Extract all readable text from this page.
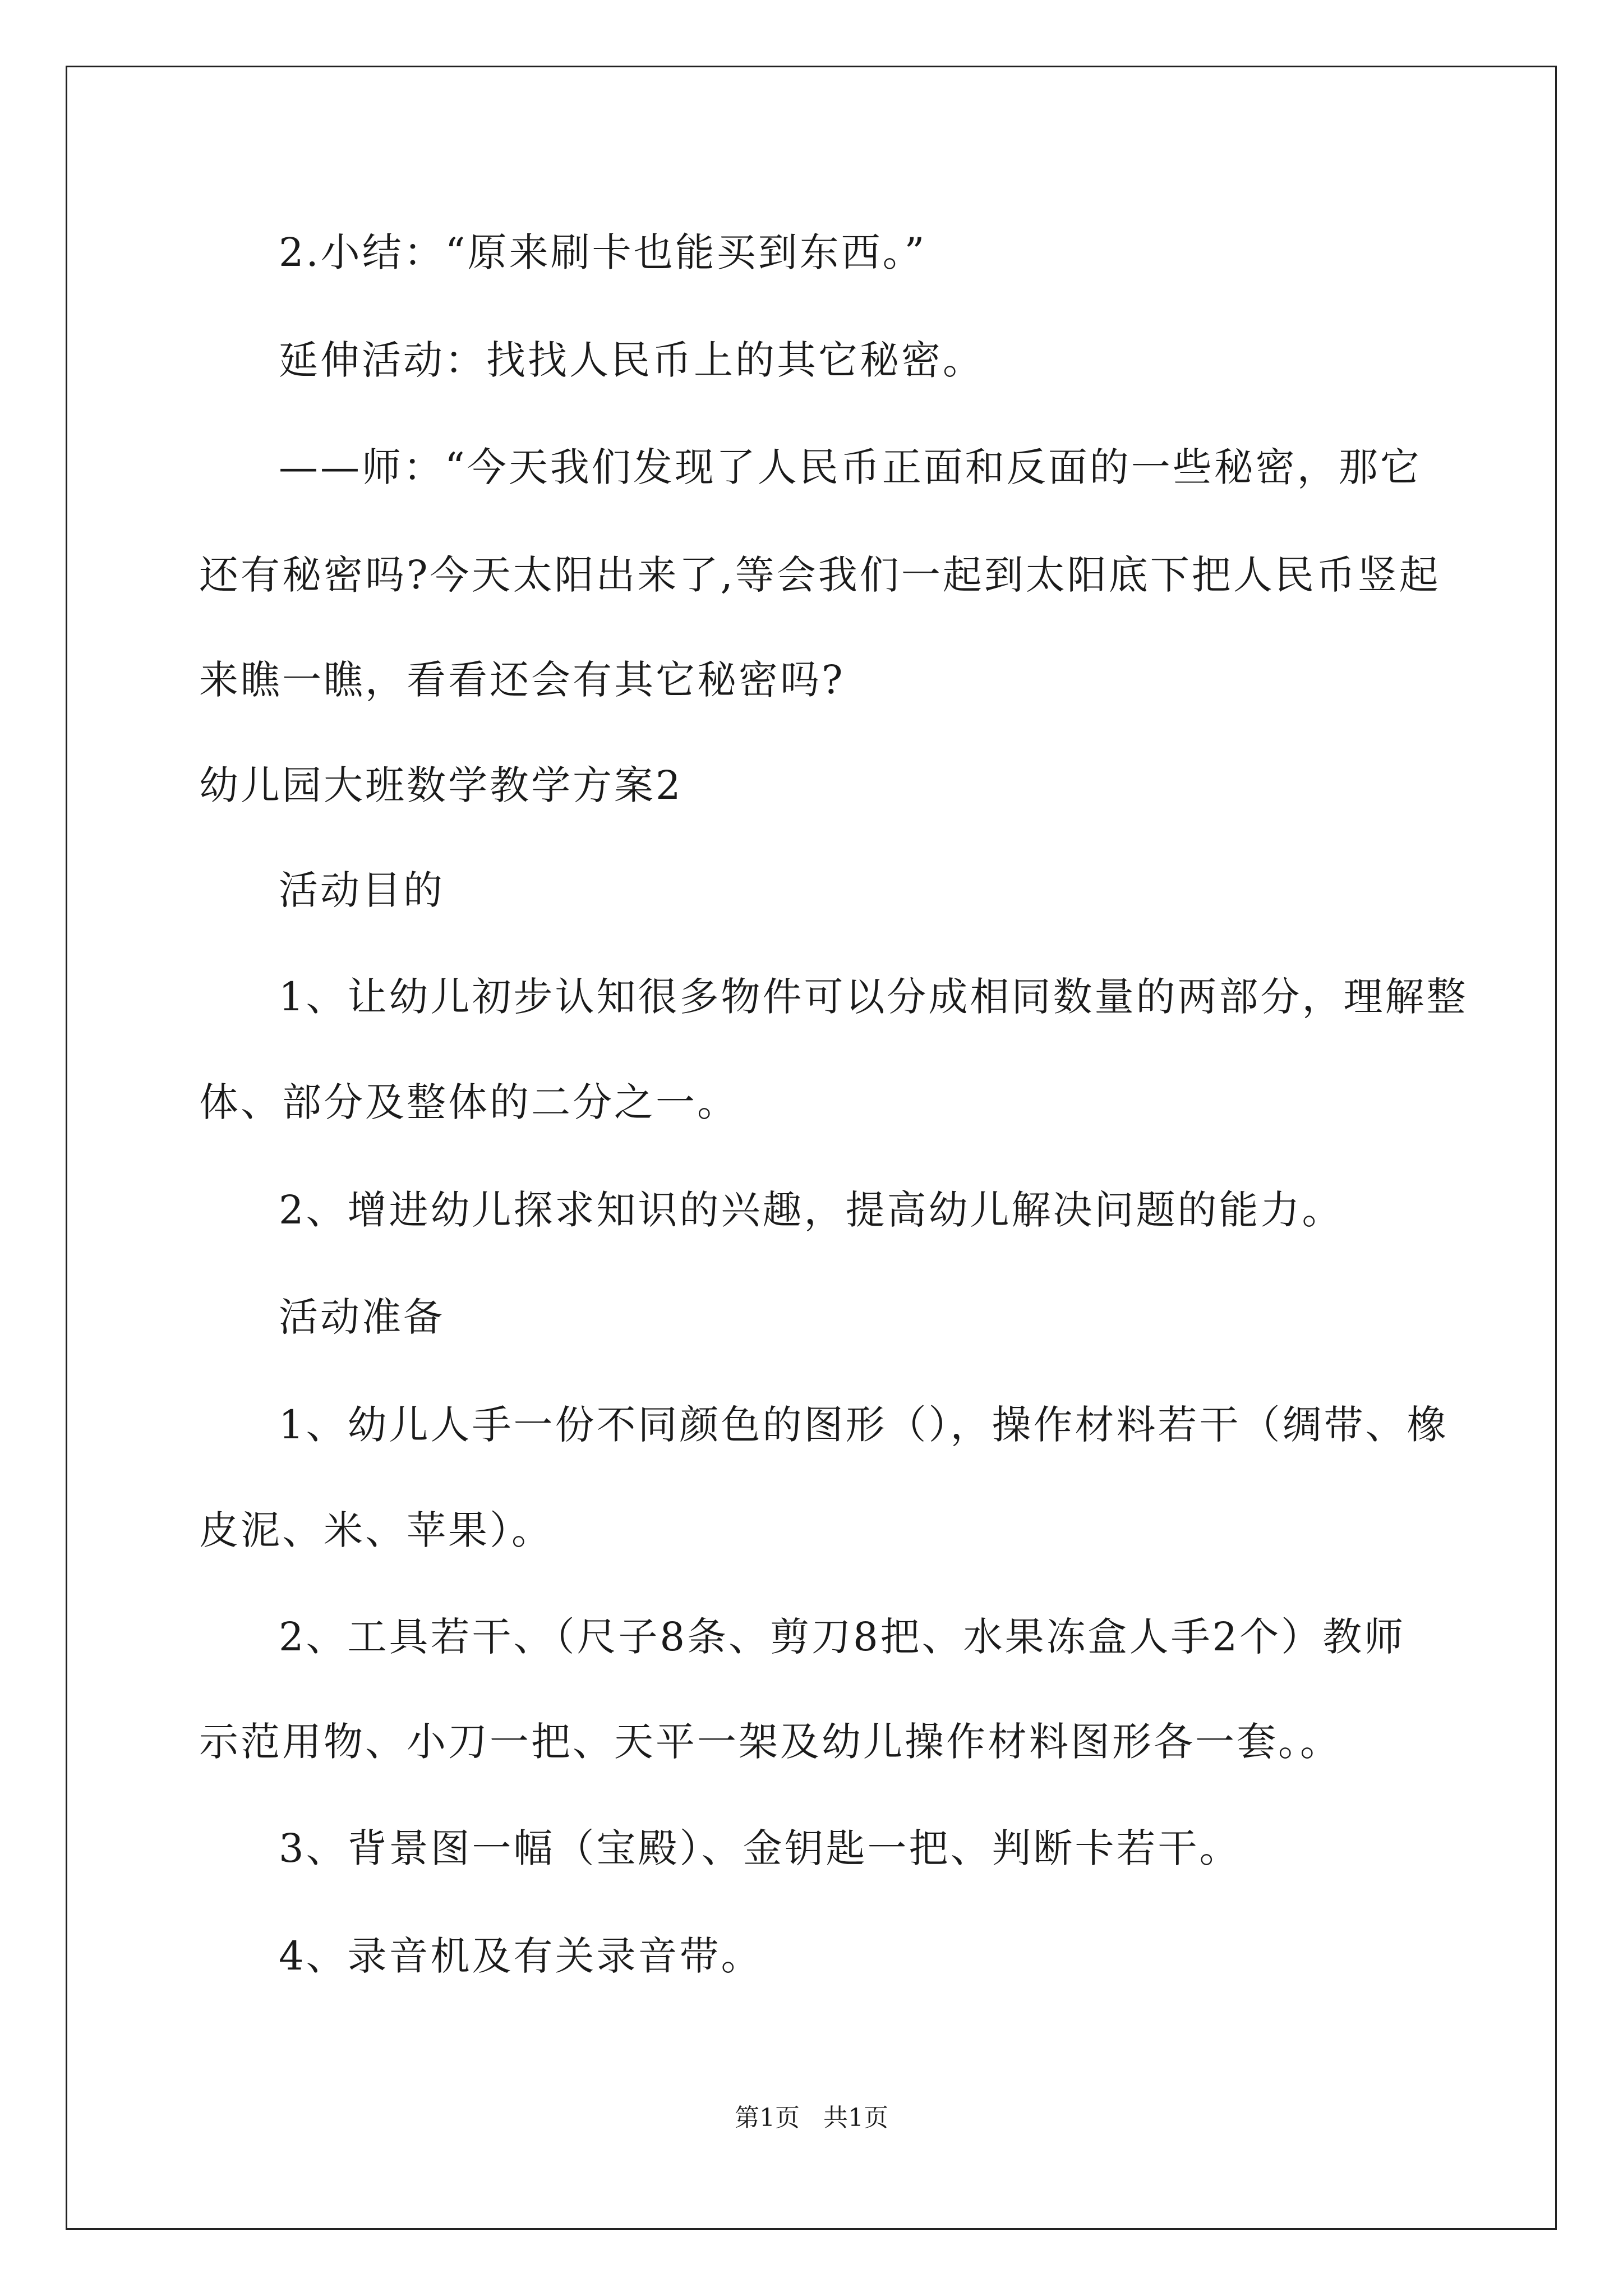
2.小结：“原来刷卡也能买到东西。”
延伸活动：找找人民币上的其它秘密。
——师：“今天我们发现了人民币正面和反面的一些秘密，那它
还有秘密吗?今天太阳出来了,等会我们一起到太阳底下把人民币竖起
来瞧一瞧，看看还会有其它秘密吗?
幼儿园大班数学教学方案2
活动目的
1、让幼儿初步认知很多物件可以分成相同数量的两部分，理解整
体、部分及整体的二分之一。
2、增进幼儿探求知识的兴趣，提高幼儿解决问题的能力。
活动准备
1、幼儿人手一份不同颜色的图形（），操作材料若干（绸带、橡
皮泥、米、苹果）。
2、工具若干、（尺子8条、剪刀8把、水果冻盒人手2个）教师
示范用物、小刀一把、天平一架及幼儿操作材料图形各一套。。
3、背景图一幅（宝殿）、金钥匙一把、判断卡若干。
4、录音机及有关录音带。
第1页   共1页
